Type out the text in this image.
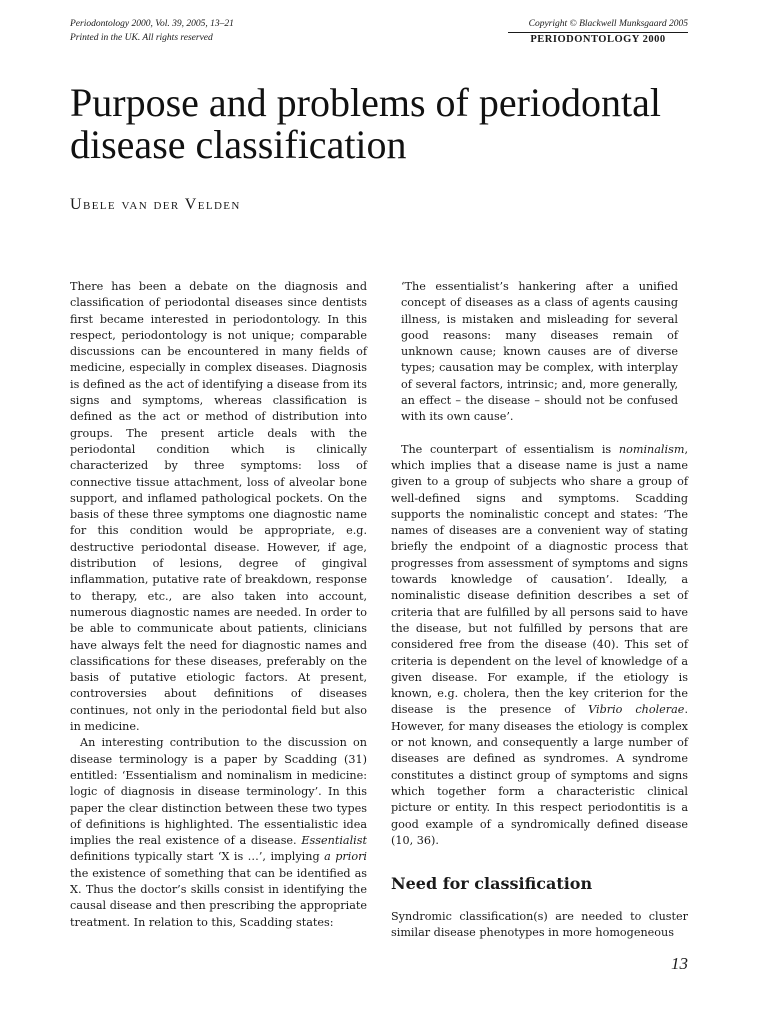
Periodontology 2000, Vol. 39, 2005, 13–21
Printed in the UK. All rights reserved
Copyright © Blackwell Munksgaard 2005
PERIODONTOLOGY 2000
Purpose and problems of periodontal disease classification
Ubele van der Velden

There has been a debate on the diagnosis and classification of periodontal diseases since dentists first became interested in periodontology. In this respect, periodontology is not unique; comparable discussions can be encountered in many fields of medicine, especially in complex diseases. Diagnosis is defined as the act of identifying a disease from its signs and symptoms, whereas classification is defined as the act or method of distribution into groups. The present article deals with the periodontal condition which is clinically characterized by three symptoms: loss of connective tissue attachment, loss of alveolar bone support, and inflamed pathological pockets. On the basis of these three symptoms one diagnostic name for this condition would be appropriate, e.g. destructive periodontal disease. However, if age, distribution of lesions, degree of gingival inflammation, putative rate of breakdown, response to therapy, etc., are also taken into account, numerous diagnostic names are needed. In order to be able to communicate about patients, clinicians have always felt the need for diagnostic names and classifications for these diseases, preferably on the basis of putative etiologic factors. At present, controversies about definitions of diseases continues, not only in the periodontal field but also in medicine.

An interesting contribution to the discussion on disease terminology is a paper by Scadding (31) entitled: ‘Essentialism and nominalism in medicine: logic of diagnosis in disease terminology’. In this paper the clear distinction between these two types of definitions is highlighted. The essentialistic idea implies the real existence of a disease. Essentialist definitions typically start ‘X is …’, implying a priori the existence of something that can be identified as X. Thus the doctor’s skills consist in identifying the causal disease and then prescribing the appropriate treatment. In relation to this, Scadding states:

‘The essentialist’s hankering after a unified concept of diseases as a class of agents causing illness, is mistaken and misleading for several good reasons: many diseases remain of unknown cause; known causes are of diverse types; causation may be complex, with interplay of several factors, intrinsic; and, more generally, an effect – the disease – should not be confused with its own cause’.

The counterpart of essentialism is nominalism, which implies that a disease name is just a name given to a group of subjects who share a group of well-defined signs and symptoms. Scadding supports the nominalistic concept and states: ‘The names of diseases are a convenient way of stating briefly the endpoint of a diagnostic process that progresses from assessment of symptoms and signs towards knowledge of causation’. Ideally, a nominalistic disease definition describes a set of criteria that are fulfilled by all persons said to have the disease, but not fulfilled by persons that are considered free from the disease (40). This set of criteria is dependent on the level of knowledge of a given disease. For example, if the etiology is known, e.g. cholera, then the key criterion for the disease is the presence of Vibrio cholerae. However, for many diseases the etiology is complex or not known, and consequently a large number of diseases are defined as syndromes. A syndrome constitutes a distinct group of symptoms and signs which together form a characteristic clinical picture or entity. In this respect periodontitis is a good example of a syndromically defined disease (10, 36).

Need for classification

Syndromic classification(s) are needed to cluster similar disease phenotypes in more homogeneous

13
